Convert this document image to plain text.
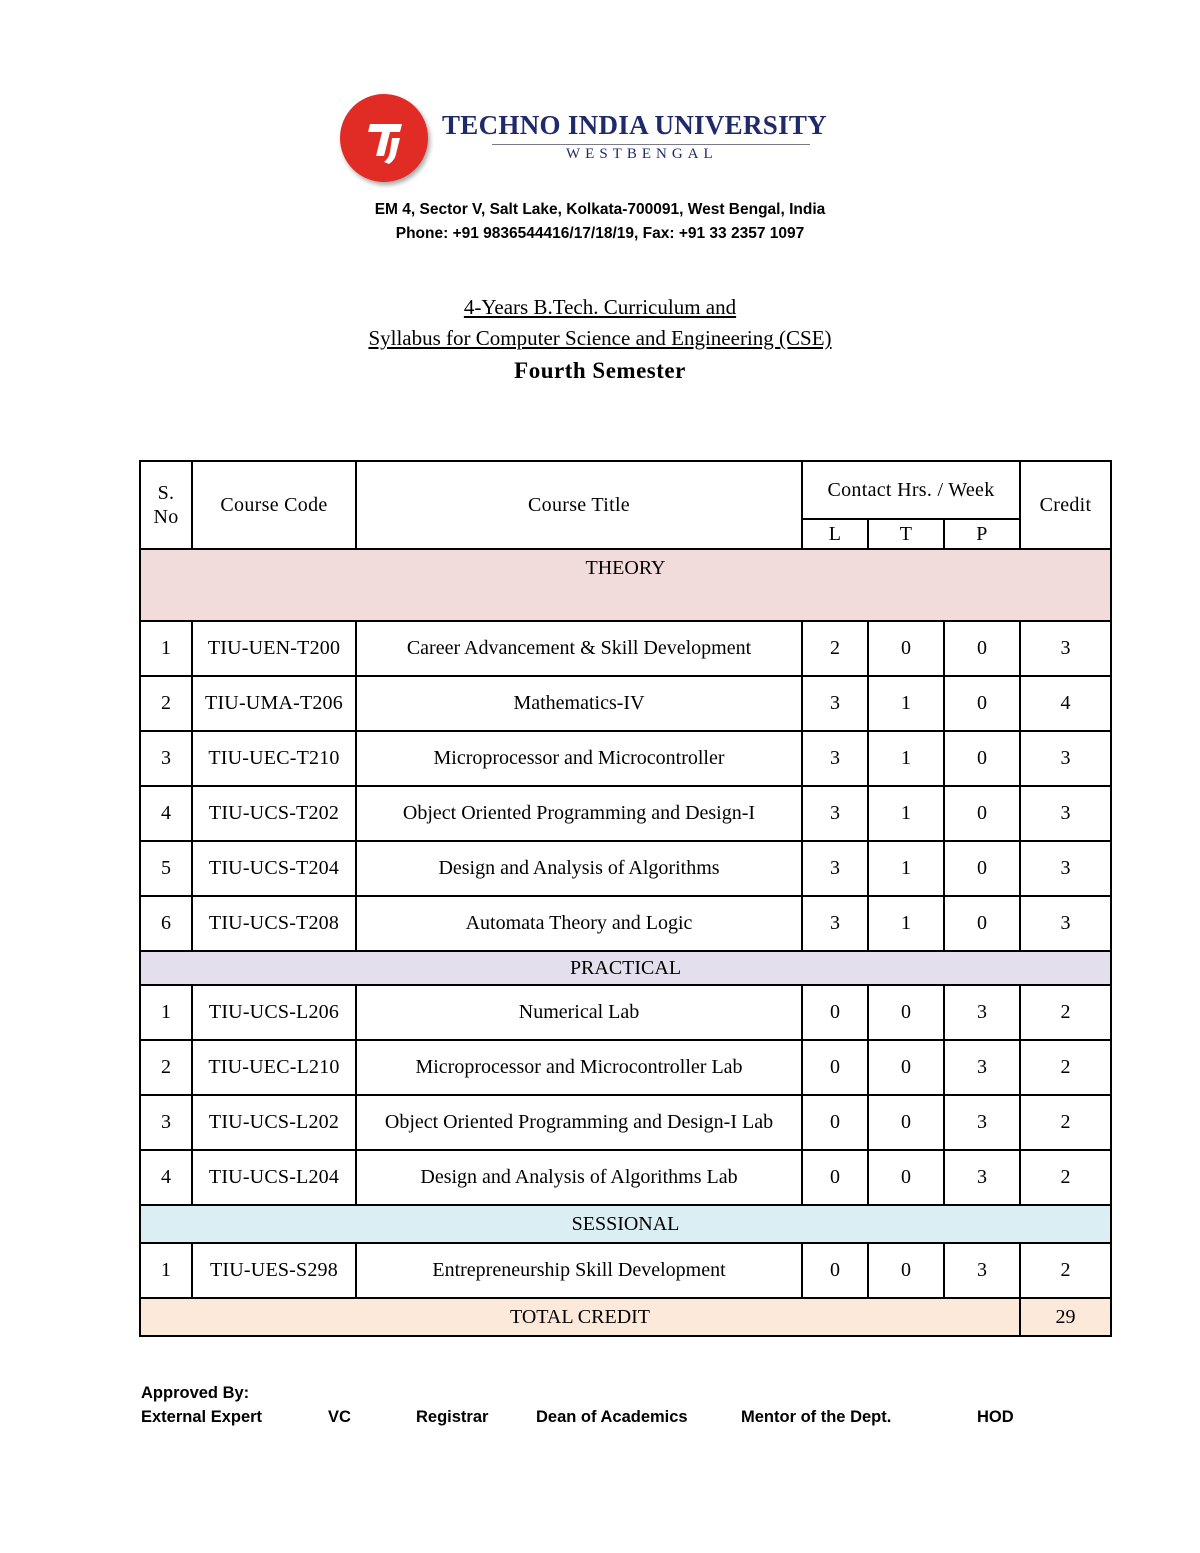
TECHNO INDIA UNIVERSITY
WESTBENGAL
EM 4, Sector V, Salt Lake, Kolkata-700091, West Bengal, India
Phone: +91 9836544416/17/18/19, Fax: +91 33 2357 1097
4-Years B.Tech. Curriculum and
Syllabus for Computer Science and Engineering (CSE)
Fourth Semester
S. No	Course Code	Course Title	Contact Hrs. / Week			Credit
			L	T	P	
THEORY						
1	TIU-UEN-T200	Career Advancement & Skill Development	2	0	0	3
2	TIU-UMA-T206	Mathematics-IV	3	1	0	4
3	TIU-UEC-T210	Microprocessor and Microcontroller	3	1	0	3
4	TIU-UCS-T202	Object Oriented Programming and Design-I	3	1	0	3
5	TIU-UCS-T204	Design and Analysis of Algorithms	3	1	0	3
6	TIU-UCS-T208	Automata Theory and Logic	3	1	0	3
PRACTICAL						
1	TIU-UCS-L206	Numerical Lab	0	0	3	2
2	TIU-UEC-L210	Microprocessor and Microcontroller Lab	0	0	3	2
3	TIU-UCS-L202	Object Oriented Programming and Design-I Lab	0	0	3	2
4	TIU-UCS-L204	Design and Analysis of Algorithms Lab	0	0	3	2
SESSIONAL						
1	TIU-UES-S298	Entrepreneurship Skill Development	0	0	3	2
TOTAL CREDIT						29
Approved By:
External Expert	VC	Registrar	Dean of Academics	Mentor of the Dept.	HOD
